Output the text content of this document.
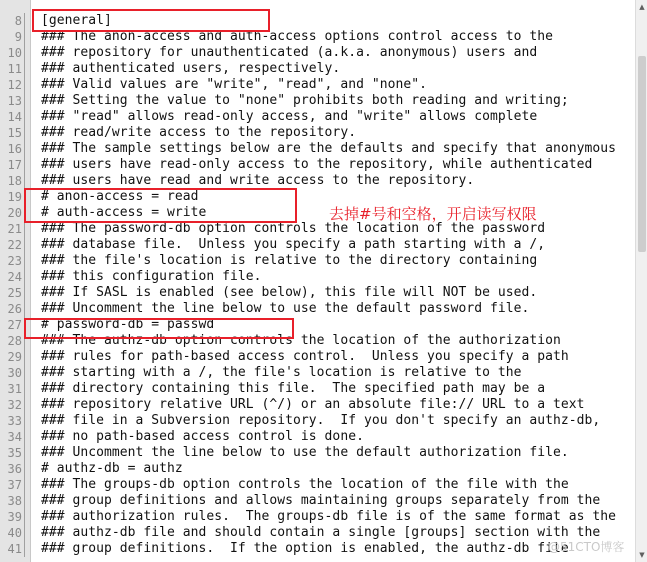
8 [general]
9 ### The anon-access and auth-access options control access to the
10 ### repository for unauthenticated (a.k.a. anonymous) users and
11 ### authenticated users, respectively.
12 ### Valid values are "write", "read", and "none".
13 ### Setting the value to "none" prohibits both reading and writing;
14 ### "read" allows read-only access, and "write" allows complete
15 ### read/write access to the repository.
16 ### The sample settings below are the defaults and specify that anonymous
17 ### users have read-only access to the repository, while authenticated
18 ### users have read and write access to the repository.
19 # anon-access = read
20 # auth-access = write
21 ### The password-db option controls the location of the password
22 ### database file.  Unless you specify a path starting with a /,
23 ### the file's location is relative to the directory containing
24 ### this configuration file.
25 ### If SASL is enabled (see below), this file will NOT be used.
26 ### Uncomment the line below to use the default password file.
27 # password-db = passwd
28 ### The authz-db option controls the location of the authorization
29 ### rules for path-based access control.  Unless you specify a path
30 ### starting with a /, the file's location is relative to the
31 ### directory containing this file.  The specified path may be a
32 ### repository relative URL (^/) or an absolute file:// URL to a text
33 ### file in a Subversion repository.  If you don't specify an authz-db,
34 ### no path-based access control is done.
35 ### Uncomment the line below to use the default authorization file.
36 # authz-db = authz
37 ### The groups-db option controls the location of the file with the
38 ### group definitions and allows maintaining groups separately from the
39 ### authorization rules.  The groups-db file is of the same format as the
40 ### authz-db file and should contain a single [groups] section with the
41 ### group definitions.  If the option is enabled, the authz-db file
去掉#号和空格，开启读写权限
@51CTO博客
▲
▼
